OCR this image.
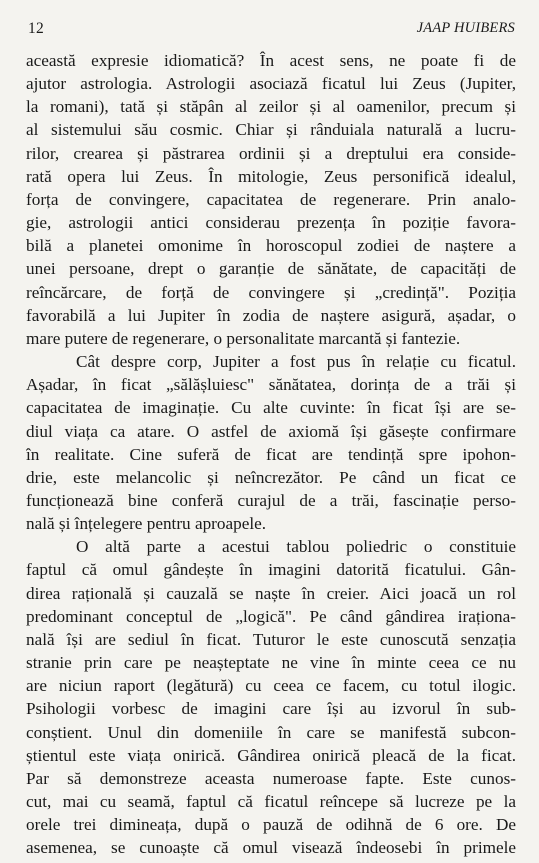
12	JAAP HUIBERS

această expresie idiomatică? În acest sens, ne poate fi de
ajutor astrologia. Astrologii asociază ficatul lui Zeus (Jupiter,
la romani), tată și stăpân al zeilor și al oamenilor, precum și
al sistemului său cosmic. Chiar și rânduiala naturală a lucru-
rilor, crearea și păstrarea ordinii și a dreptului era conside-
rată opera lui Zeus. În mitologie, Zeus personifică idealul,
forța de convingere, capacitatea de regenerare. Prin analo-
gie, astrologii antici considerau prezența în poziție favora-
bilă a planetei omonime în horoscopul zodiei de naștere a
unei persoane, drept o garanție de sănătate, de capacități de
reîncărcare, de forță de convingere și „credință". Poziția
favorabilă a lui Jupiter în zodia de naștere asigură, așadar, o
mare putere de regenerare, o personalitate marcantă și fantezie.

Cât despre corp, Jupiter a fost pus în relație cu ficatul.
Așadar, în ficat „sălășluiesc" sănătatea, dorința de a trăi și
capacitatea de imaginație. Cu alte cuvinte: în ficat își are se-
diul viața ca atare. O astfel de axiomă își găsește confirmare
în realitate. Cine suferă de ficat are tendință spre ipohon-
drie, este melancolic și neîncrezător. Pe când un ficat ce
funcționează bine conferă curajul de a trăi, fascinație perso-
nală și înțelegere pentru aproapele.

O altă parte a acestui tablou poliedric o constituie
faptul că omul gândește în imagini datorită ficatului. Gân-
direa rațională și cauzală se naște în creier. Aici joacă un rol
predominant conceptul de „logică". Pe când gândirea iraționa-
nală își are sediul în ficat. Tuturor le este cunoscută senzația
stranie prin care pe neașteptate ne vine în minte ceea ce nu
are niciun raport (legătură) cu ceea ce facem, cu totul ilogic.
Psihologii vorbesc de imagini care își au izvorul în sub-
conștient. Unul din domeniile în care se manifestă subcon-
știentul este viața onirică. Gândirea onirică pleacă de la ficat.
Par să demonstreze aceasta numeroase fapte. Este cunos-
cut, mai cu seamă, faptul că ficatul reîncepe să lucreze pe la
orele trei dimineața, după o pauză de odihnă de 6 ore. De
asemenea, se cunoaște că omul visează îndeosebi în primele
